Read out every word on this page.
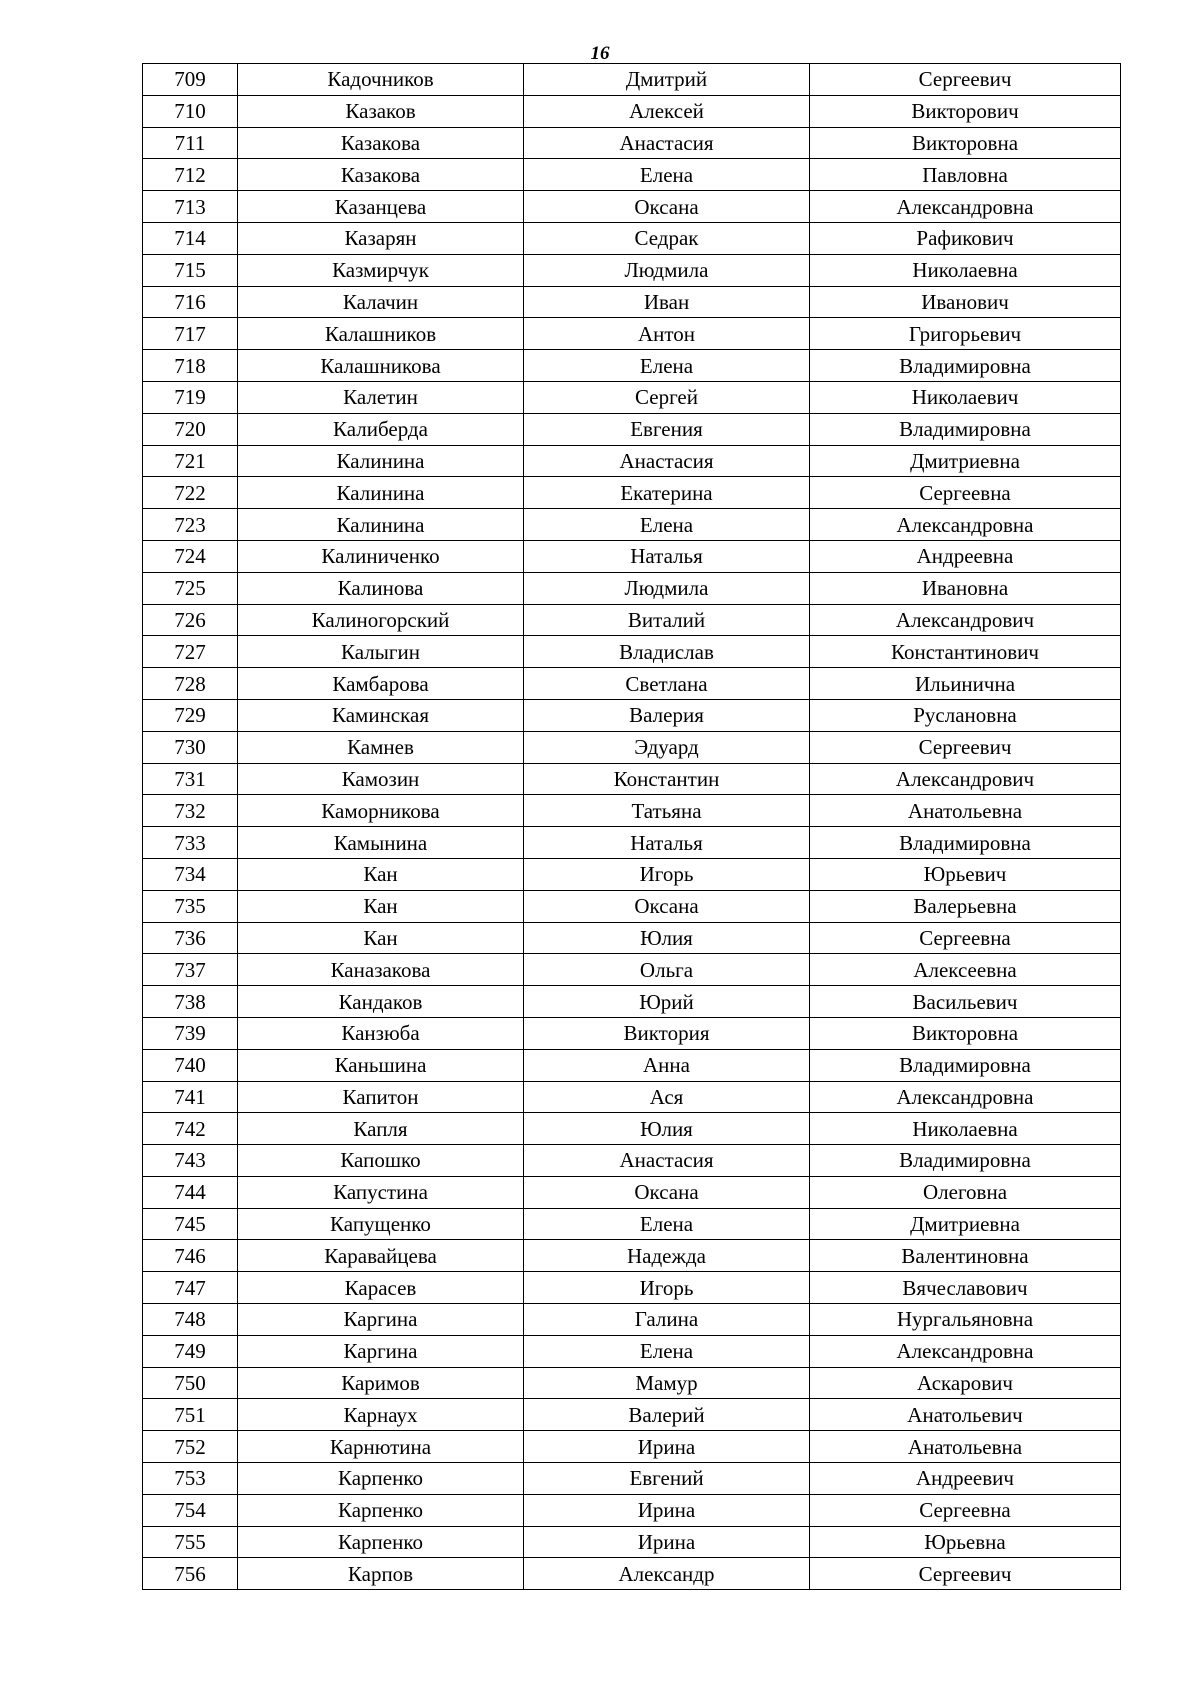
16
709	Кадочников	Дмитрий	Сергеевич
710	Казаков	Алексей	Викторович
711	Казакова	Анастасия	Викторовна
712	Казакова	Елена	Павловна
713	Казанцева	Оксана	Александровна
714	Казарян	Седрак	Рафикович
715	Казмирчук	Людмила	Николаевна
716	Калачин	Иван	Иванович
717	Калашников	Антон	Григорьевич
718	Калашникова	Елена	Владимировна
719	Калетин	Сергей	Николаевич
720	Калиберда	Евгения	Владимировна
721	Калинина	Анастасия	Дмитриевна
722	Калинина	Екатерина	Сергеевна
723	Калинина	Елена	Александровна
724	Калиниченко	Наталья	Андреевна
725	Калинова	Людмила	Ивановна
726	Калиногорский	Виталий	Александрович
727	Калыгин	Владислав	Константинович
728	Камбарова	Светлана	Ильинична
729	Каминская	Валерия	Руслановна
730	Камнев	Эдуард	Сергеевич
731	Камозин	Константин	Александрович
732	Каморникова	Татьяна	Анатольевна
733	Камынина	Наталья	Владимировна
734	Кан	Игорь	Юрьевич
735	Кан	Оксана	Валерьевна
736	Кан	Юлия	Сергеевна
737	Каназакова	Ольга	Алексеевна
738	Кандаков	Юрий	Васильевич
739	Канзюба	Виктория	Викторовна
740	Каньшина	Анна	Владимировна
741	Капитон	Ася	Александровна
742	Капля	Юлия	Николаевна
743	Капошко	Анастасия	Владимировна
744	Капустина	Оксана	Олеговна
745	Капущенко	Елена	Дмитриевна
746	Каравайцева	Надежда	Валентиновна
747	Карасев	Игорь	Вячеславович
748	Каргина	Галина	Нургальяновна
749	Каргина	Елена	Александровна
750	Каримов	Мамур	Аскарович
751	Карнаух	Валерий	Анатольевич
752	Карнютина	Ирина	Анатольевна
753	Карпенко	Евгений	Андреевич
754	Карпенко	Ирина	Сергеевна
755	Карпенко	Ирина	Юрьевна
756	Карпов	Александр	Сергеевич
